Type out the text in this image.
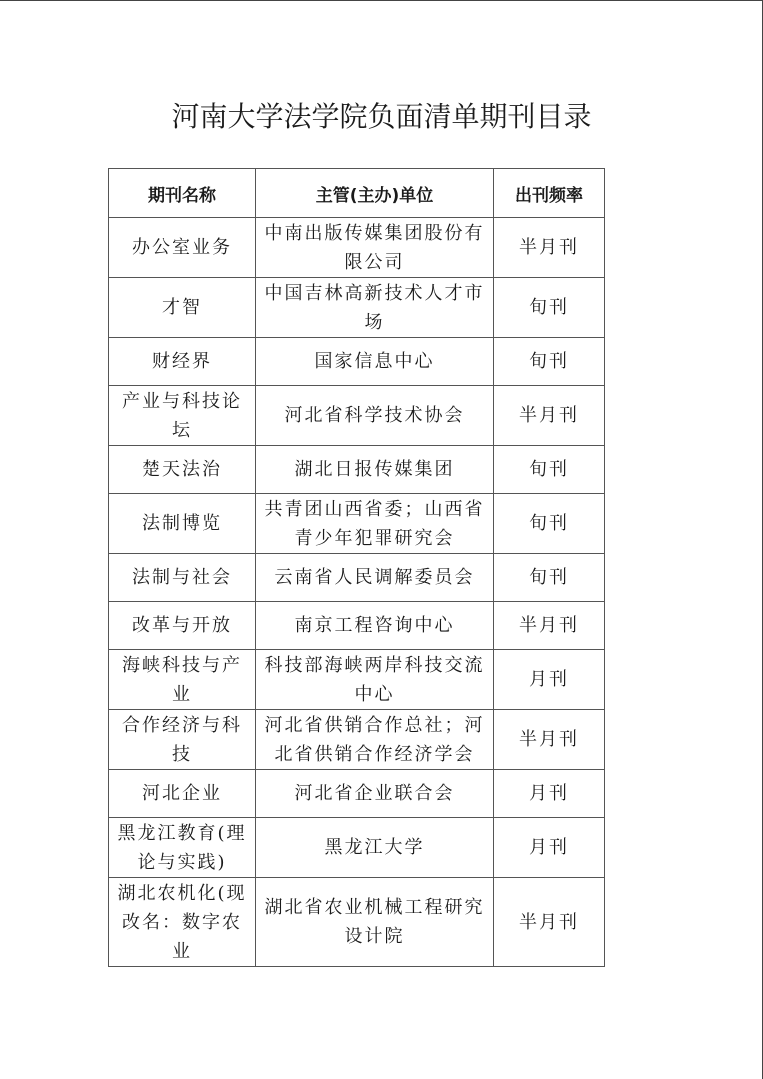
河南大学法学院负面清单期刊目录
期刊名称	主管(主办)单位	出刊频率
办公室业务	中南出版传媒集团股份有限公司	半月刊
才智	中国吉林高新技术人才市场	旬刊
财经界	国家信息中心	旬刊
产业与科技论坛	河北省科学技术协会	半月刊
楚天法治	湖北日报传媒集团	旬刊
法制博览	共青团山西省委；山西省青少年犯罪研究会	旬刊
法制与社会	云南省人民调解委员会	旬刊
改革与开放	南京工程咨询中心	半月刊
海峡科技与产业	科技部海峡两岸科技交流中心	月刊
合作经济与科技	河北省供销合作总社；河北省供销合作经济学会	半月刊
河北企业	河北省企业联合会	月刊
黑龙江教育(理论与实践)	黑龙江大学	月刊
湖北农机化(现改名：数字农业	湖北省农业机械工程研究设计院	半月刊
